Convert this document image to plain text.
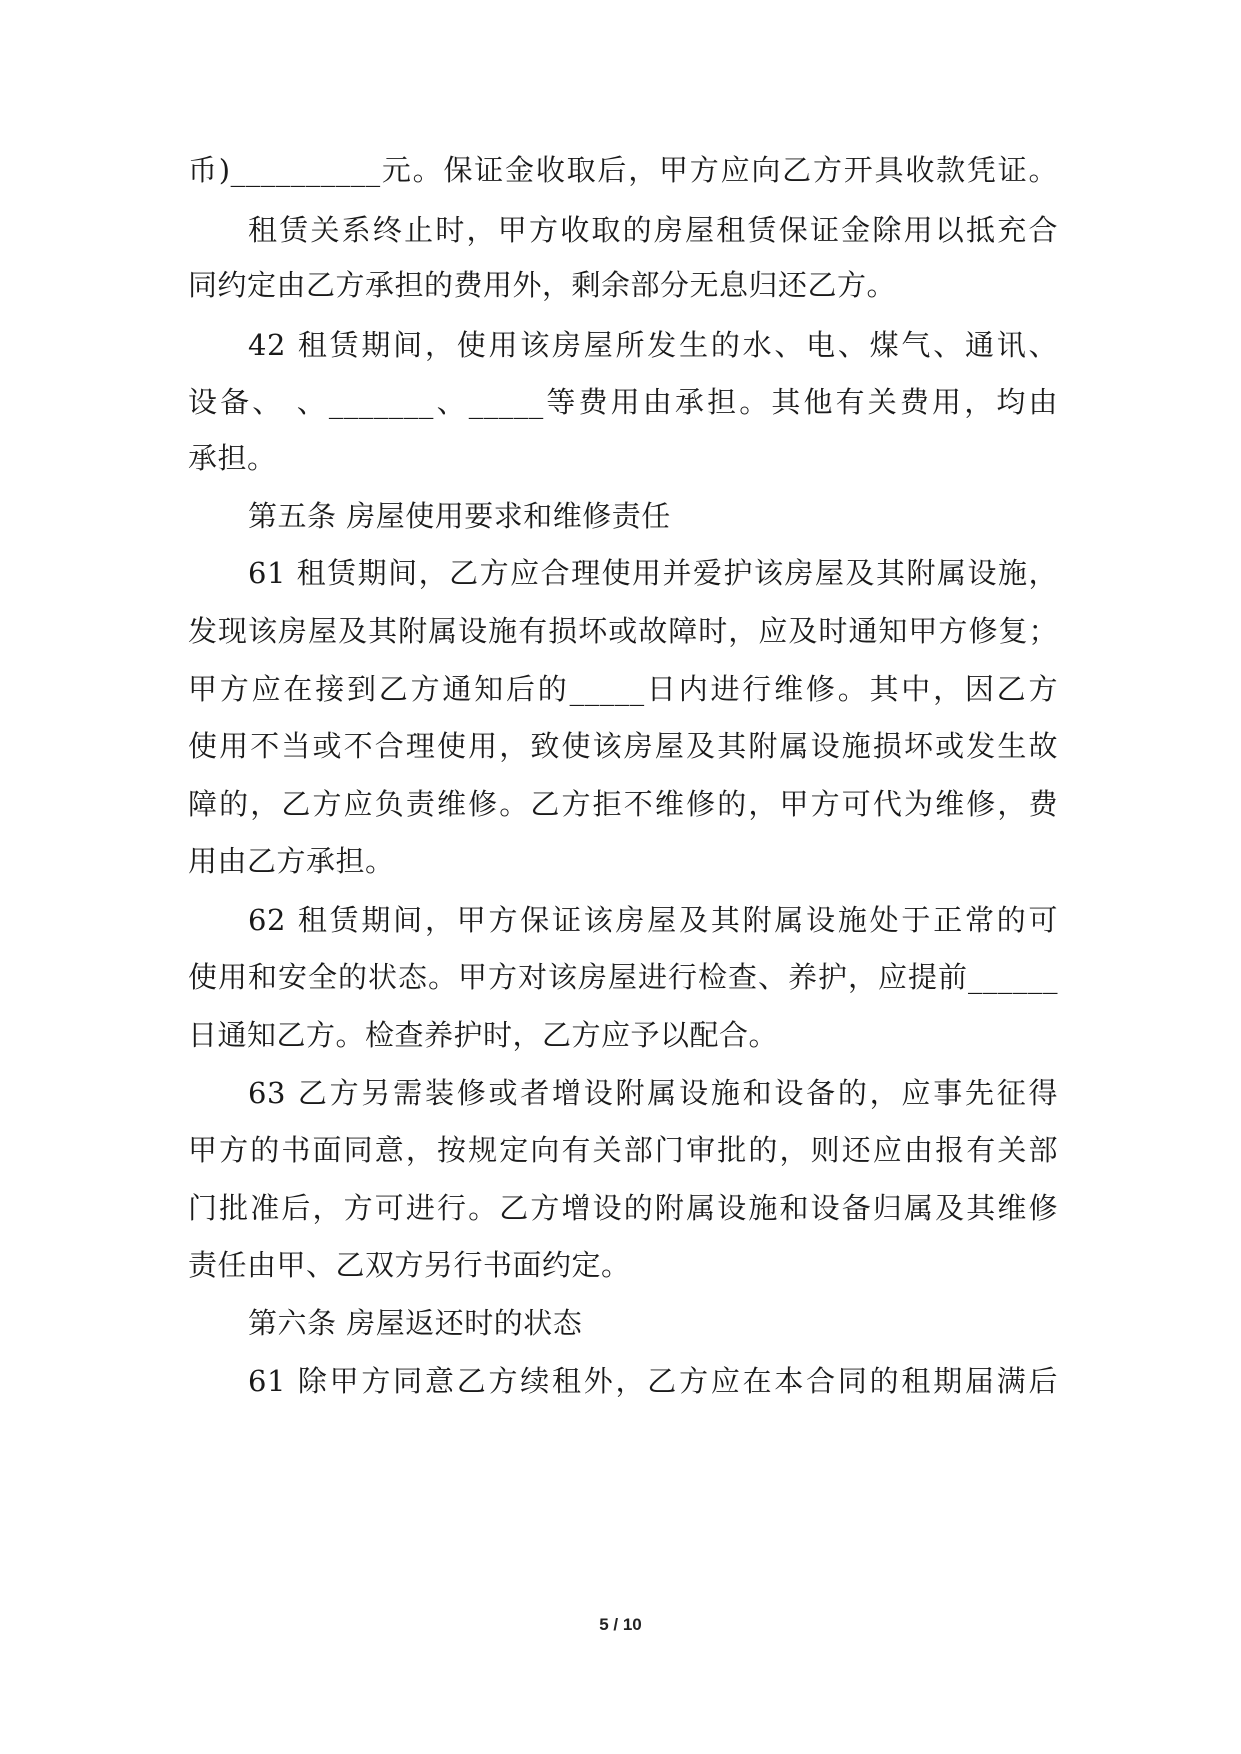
币)__________元。保证金收取后，甲方应向乙方开具收款凭证。
租赁关系终止时，甲方收取的房屋租赁保证金除用以抵充合
同约定由乙方承担的费用外，剩余部分无息归还乙方。
42 租赁期间，使用该房屋所发生的水、电、煤气、通讯、
设备、 、_______、_____等费用由承担。其他有关费用，均由
承担。
第五条 房屋使用要求和维修责任
61 租赁期间，乙方应合理使用并爱护该房屋及其附属设施，
发现该房屋及其附属设施有损坏或故障时，应及时通知甲方修复；
甲方应在接到乙方通知后的_____日内进行维修。其中，因乙方
使用不当或不合理使用，致使该房屋及其附属设施损坏或发生故
障的，乙方应负责维修。乙方拒不维修的，甲方可代为维修，费
用由乙方承担。
62 租赁期间，甲方保证该房屋及其附属设施处于正常的可
使用和安全的状态。甲方对该房屋进行检查、养护，应提前______
日通知乙方。检查养护时，乙方应予以配合。
63 乙方另需装修或者增设附属设施和设备的，应事先征得
甲方的书面同意，按规定向有关部门审批的，则还应由报有关部
门批准后，方可进行。乙方增设的附属设施和设备归属及其维修
责任由甲、乙双方另行书面约定。
第六条 房屋返还时的状态
61 除甲方同意乙方续租外，乙方应在本合同的租期届满后
5 / 10
